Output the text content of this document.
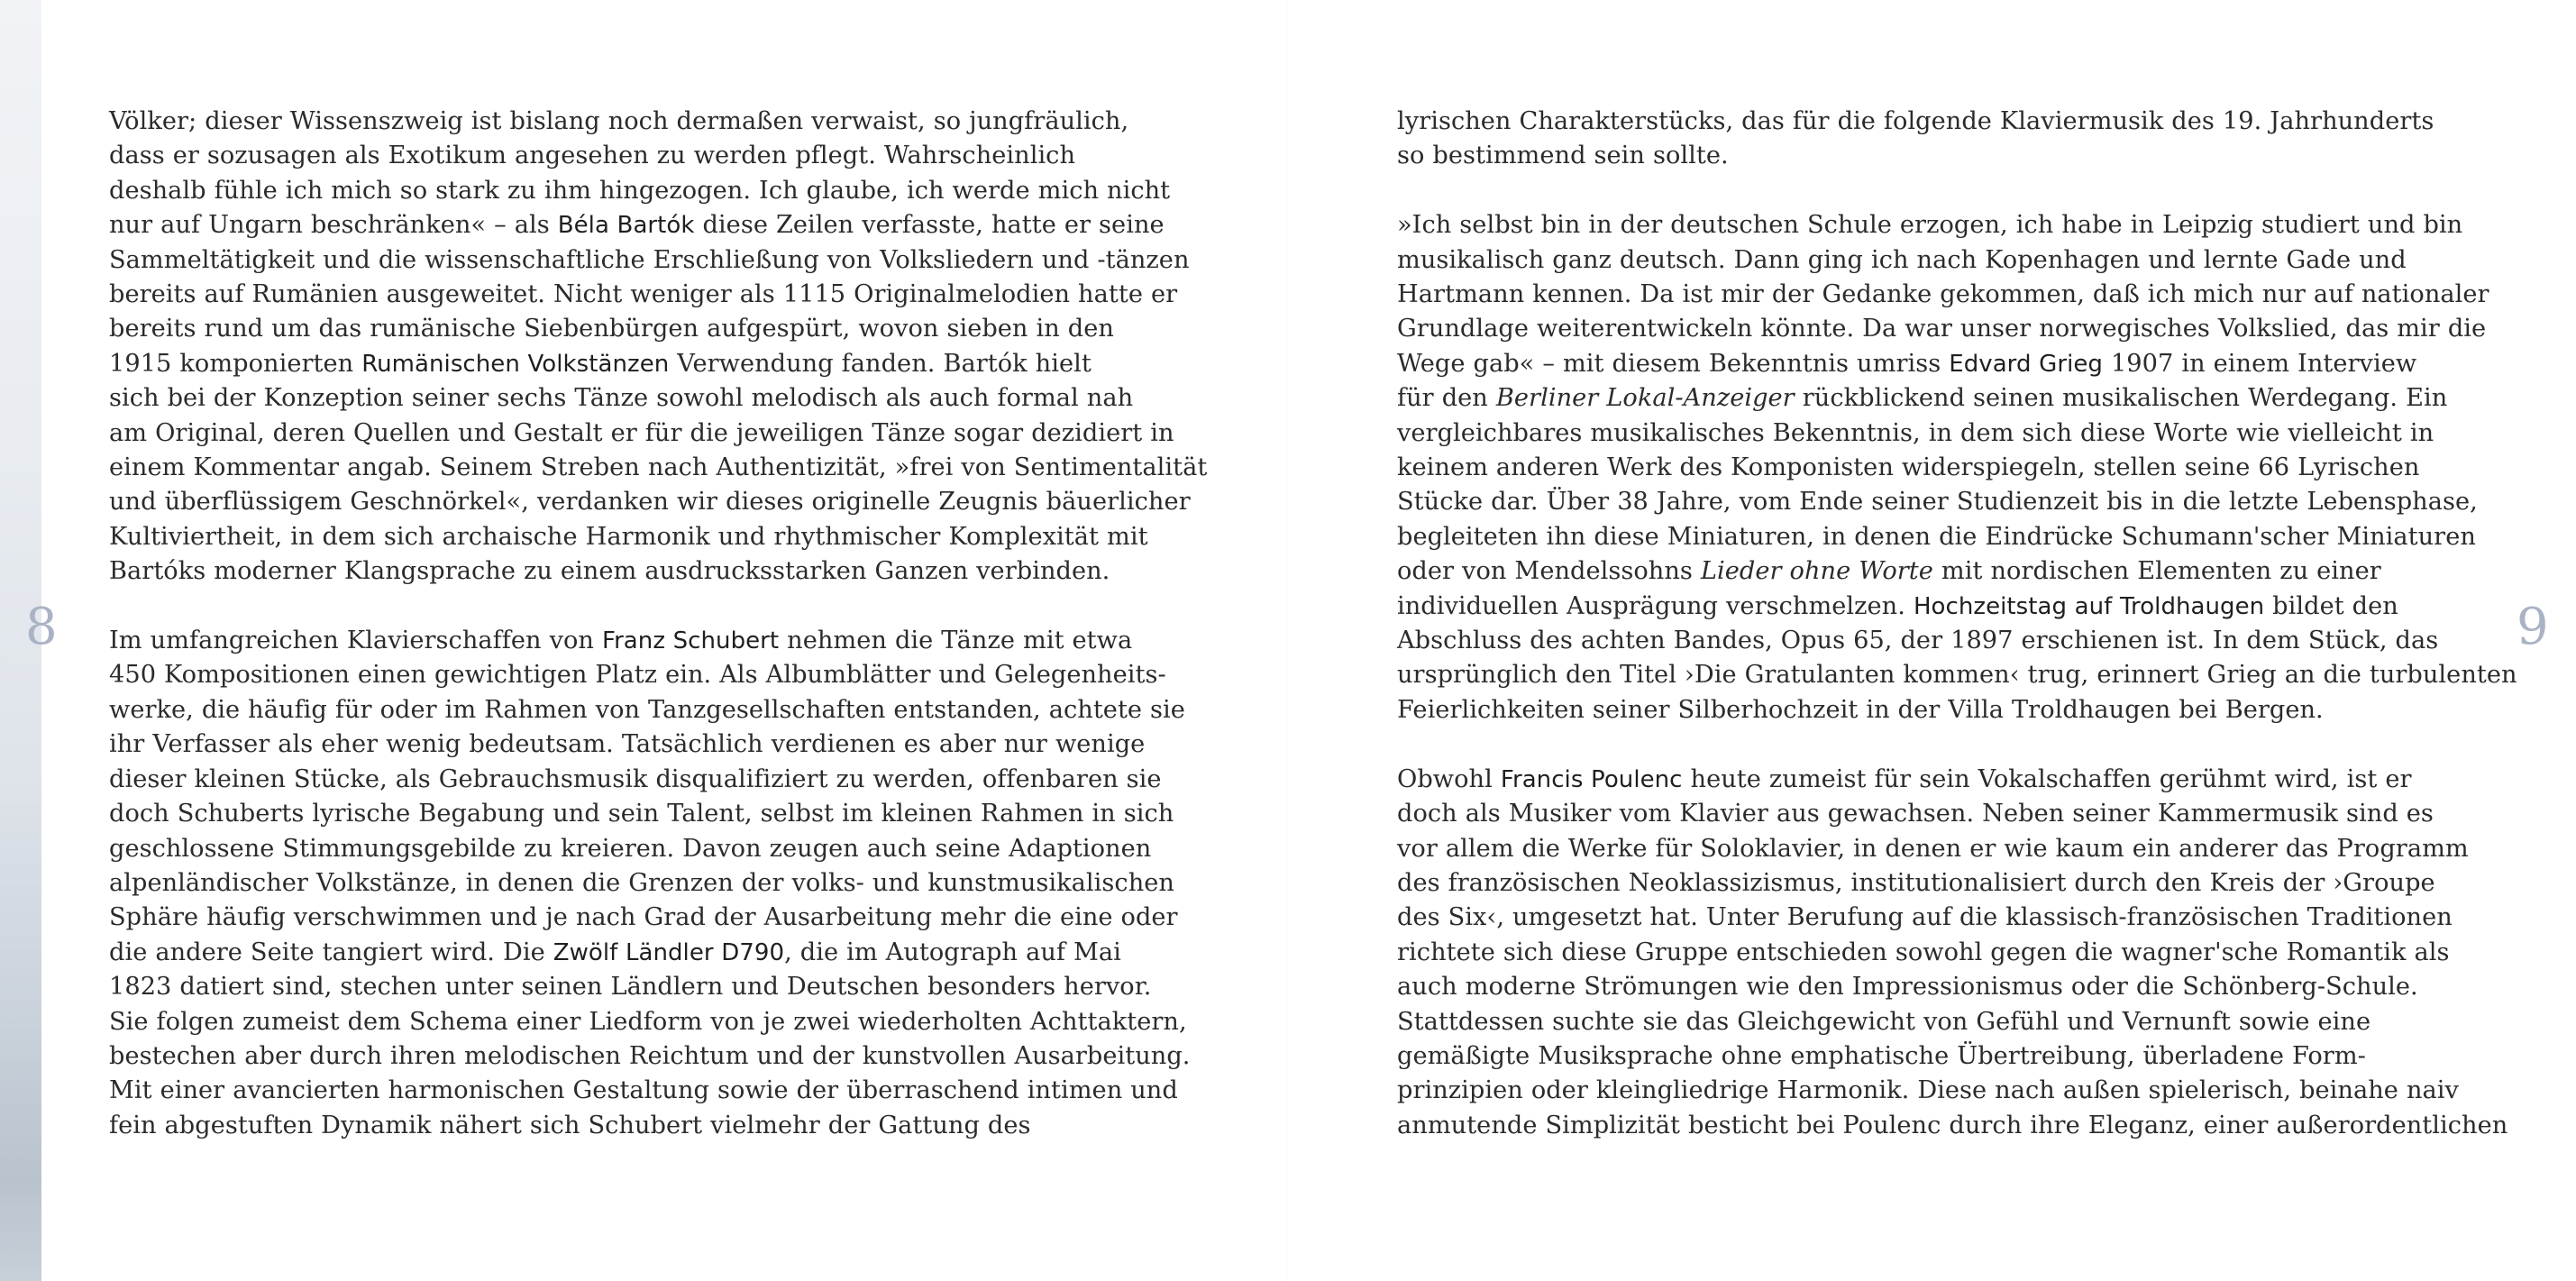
8	9

Völker; dieser Wissenszweig ist bislang noch dermaßen verwaist, so jungfräulich,
dass er sozusagen als Exotikum angesehen zu werden pflegt. Wahrscheinlich
deshalb fühle ich mich so stark zu ihm hingezogen. Ich glaube, ich werde mich nicht
nur auf Ungarn beschränken« – als Béla Bartók diese Zeilen verfasste, hatte er seine
Sammeltätigkeit und die wissenschaftliche Erschließung von Volksliedern und -tänzen
bereits auf Rumänien ausgeweitet. Nicht weniger als 1115 Originalmelodien hatte er
bereits rund um das rumänische Siebenbürgen aufgespürt, wovon sieben in den
1915 komponierten Rumänischen Volkstänzen Verwendung fanden. Bartók hielt
sich bei der Konzeption seiner sechs Tänze sowohl melodisch als auch formal nah
am Original, deren Quellen und Gestalt er für die jeweiligen Tänze sogar dezidiert in
einem Kommentar angab. Seinem Streben nach Authentizität, »frei von Sentimentalität
und überflüssigem Geschnörkel«, verdanken wir dieses originelle Zeugnis bäuerlicher
Kultiviertheit, in dem sich archaische Harmonik und rhythmischer Komplexität mit
Bartóks moderner Klangsprache zu einem ausdrucksstarken Ganzen verbinden.

Im umfangreichen Klavierschaffen von Franz Schubert nehmen die Tänze mit etwa
450 Kompositionen einen gewichtigen Platz ein. Als Albumblätter und Gelegenheits-
werke, die häufig für oder im Rahmen von Tanzgesellschaften entstanden, achtete sie
ihr Verfasser als eher wenig bedeutsam. Tatsächlich verdienen es aber nur wenige
dieser kleinen Stücke, als Gebrauchsmusik disqualifiziert zu werden, offenbaren sie
doch Schuberts lyrische Begabung und sein Talent, selbst im kleinen Rahmen in sich
geschlossene Stimmungsgebilde zu kreieren. Davon zeugen auch seine Adaptionen
alpenländischer Volkstänze, in denen die Grenzen der volks- und kunstmusikalischen
Sphäre häufig verschwimmen und je nach Grad der Ausarbeitung mehr die eine oder
die andere Seite tangiert wird. Die Zwölf Ländler D790, die im Autograph auf Mai
1823 datiert sind, stechen unter seinen Ländlern und Deutschen besonders hervor.
Sie folgen zumeist dem Schema einer Liedform von je zwei wiederholten Achttaktern,
bestechen aber durch ihren melodischen Reichtum und der kunstvollen Ausarbeitung.
Mit einer avancierten harmonischen Gestaltung sowie der überraschend intimen und
fein abgestuften Dynamik nähert sich Schubert vielmehr der Gattung des

lyrischen Charakterstücks, das für die folgende Klaviermusik des 19. Jahrhunderts
so bestimmend sein sollte.

»Ich selbst bin in der deutschen Schule erzogen, ich habe in Leipzig studiert und bin
musikalisch ganz deutsch. Dann ging ich nach Kopenhagen und lernte Gade und
Hartmann kennen. Da ist mir der Gedanke gekommen, daß ich mich nur auf nationaler
Grundlage weiterentwickeln könnte. Da war unser norwegisches Volkslied, das mir die
Wege gab« – mit diesem Bekenntnis umriss Edvard Grieg 1907 in einem Interview
für den Berliner Lokal-Anzeiger rückblickend seinen musikalischen Werdegang. Ein
vergleichbares musikalisches Bekenntnis, in dem sich diese Worte wie vielleicht in
keinem anderen Werk des Komponisten widerspiegeln, stellen seine 66 Lyrischen
Stücke dar. Über 38 Jahre, vom Ende seiner Studienzeit bis in die letzte Lebensphase,
begleiteten ihn diese Miniaturen, in denen die Eindrücke Schumann'scher Miniaturen
oder von Mendelssohns Lieder ohne Worte mit nordischen Elementen zu einer
individuellen Ausprägung verschmelzen. Hochzeitstag auf Troldhaugen bildet den
Abschluss des achten Bandes, Opus 65, der 1897 erschienen ist. In dem Stück, das
ursprünglich den Titel ›Die Gratulanten kommen‹ trug, erinnert Grieg an die turbulenten
Feierlichkeiten seiner Silberhochzeit in der Villa Troldhaugen bei Bergen.

Obwohl Francis Poulenc heute zumeist für sein Vokalschaffen gerühmt wird, ist er
doch als Musiker vom Klavier aus gewachsen. Neben seiner Kammermusik sind es
vor allem die Werke für Soloklavier, in denen er wie kaum ein anderer das Programm
des französischen Neoklassizismus, institutionalisiert durch den Kreis der ›Groupe
des Six‹, umgesetzt hat. Unter Berufung auf die klassisch-französischen Traditionen
richtete sich diese Gruppe entschieden sowohl gegen die wagner'sche Romantik als
auch moderne Strömungen wie den Impressionismus oder die Schönberg-Schule.
Stattdessen suchte sie das Gleichgewicht von Gefühl und Vernunft sowie eine
gemäßigte Musiksprache ohne emphatische Übertreibung, überladene Form-
prinzipien oder kleingliedrige Harmonik. Diese nach außen spielerisch, beinahe naiv
anmutende Simplizität besticht bei Poulenc durch ihre Eleganz, einer außerordentlichen
